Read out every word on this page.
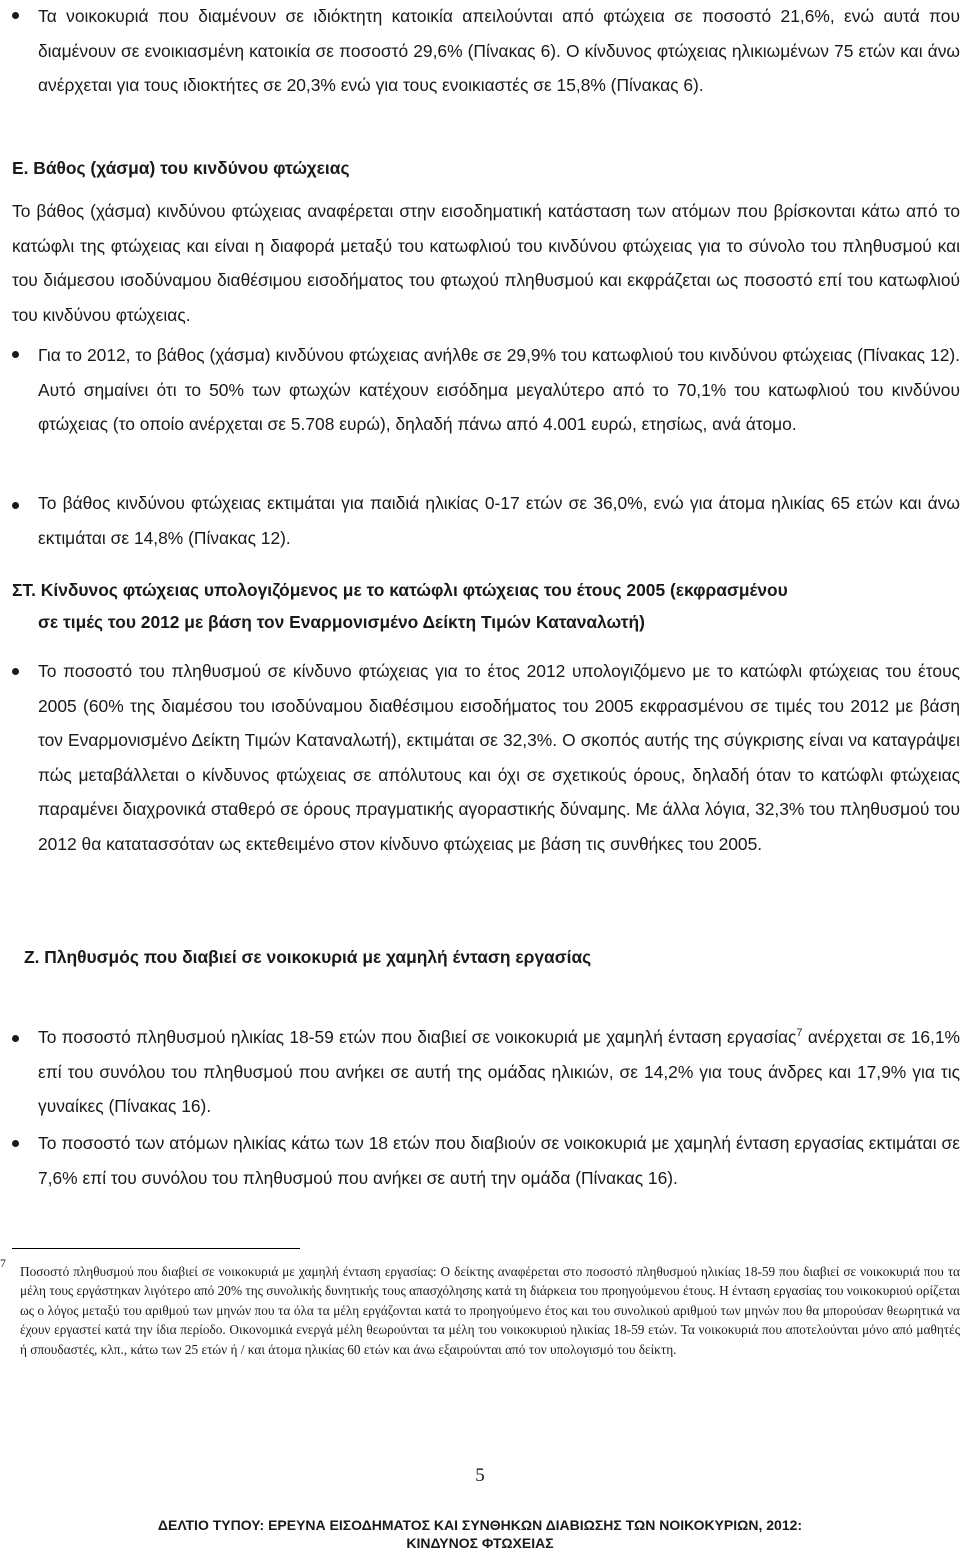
Τα νοικοκυριά που διαμένουν σε ιδιόκτητη κατοικία απειλούνται από φτώχεια σε ποσοστό 21,6%, ενώ αυτά που διαμένουν σε ενοικιασμένη κατοικία σε ποσοστό 29,6% (Πίνακας 6). Ο κίνδυνος φτώχειας ηλικιωμένων 75 ετών και άνω ανέρχεται για τους ιδιοκτήτες σε 20,3% ενώ για τους ενοικιαστές σε 15,8% (Πίνακας 6).

Ε. Βάθος (χάσμα) του κινδύνου φτώχειας

Το βάθος (χάσμα) κινδύνου φτώχειας αναφέρεται στην εισοδηματική κατάσταση των ατόμων που βρίσκονται κάτω από το κατώφλι της φτώχειας και είναι η διαφορά μεταξύ του κατωφλιού του κινδύνου φτώχειας για το σύνολο του πληθυσμού και του διάμεσου ισοδύναμου διαθέσιμου εισοδήματος του φτωχού πληθυσμού και εκφράζεται ως ποσοστό επί του κατωφλιού του κινδύνου φτώχειας.

Για το 2012, το βάθος (χάσμα) κινδύνου φτώχειας ανήλθε σε 29,9% του κατωφλιού του κινδύνου φτώχειας (Πίνακας 12). Αυτό σημαίνει ότι το 50% των φτωχών κατέχουν εισόδημα μεγαλύτερο από το 70,1% του κατωφλιού του κινδύνου φτώχειας (το οποίο ανέρχεται σε 5.708 ευρώ), δηλαδή πάνω από 4.001 ευρώ, ετησίως, ανά άτομο.

Το βάθος κινδύνου φτώχειας εκτιμάται για παιδιά ηλικίας 0-17 ετών σε 36,0%, ενώ για άτομα ηλικίας 65 ετών και άνω εκτιμάται σε 14,8% (Πίνακας 12).

ΣΤ. Κίνδυνος φτώχειας υπολογιζόμενος με το κατώφλι φτώχειας του έτους 2005 (εκφρασμένου

σε τιμές του 2012 με βάση τον Εναρμονισμένο Δείκτη Τιμών Καταναλωτή)

Το ποσοστό του πληθυσμού σε κίνδυνο φτώχειας για το έτος 2012 υπολογιζόμενο με το κατώφλι φτώχειας του έτους 2005 (60% της διαμέσου του ισοδύναμου διαθέσιμου εισοδήματος του 2005 εκφρασμένου σε τιμές του 2012 με βάση τον Εναρμονισμένο Δείκτη Τιμών Καταναλωτή), εκτιμάται σε 32,3%. Ο σκοπός αυτής της σύγκρισης είναι να καταγράψει πώς μεταβάλλεται ο κίνδυνος φτώχειας σε απόλυτους και όχι σε σχετικούς όρους, δηλαδή όταν το κατώφλι φτώχειας παραμένει διαχρονικά σταθερό σε όρους πραγματικής αγοραστικής δύναμης. Με άλλα λόγια, 32,3% του πληθυσμού του 2012 θα κατατασσόταν ως εκτεθειμένο στον κίνδυνο φτώχειας με βάση τις συνθήκες του 2005.

Ζ. Πληθυσμός που διαβιεί σε νοικοκυριά με χαμηλή ένταση εργασίας

Το ποσοστό πληθυσμού ηλικίας 18-59 ετών που διαβιεί σε νοικοκυριά με χαμηλή ένταση εργασίας$^7$ ανέρχεται σε 16,1% επί του συνόλου του πληθυσμού που ανήκει σε αυτή της ομάδας ηλικιών, σε 14,2% για τους άνδρες και 17,9% για τις γυναίκες (Πίνακας 16).

Το ποσοστό των ατόμων ηλικίας κάτω των 18 ετών που διαβιούν σε νοικοκυριά με χαμηλή ένταση εργασίας εκτιμάται σε 7,6% επί του συνόλου του πληθυσμού που ανήκει σε αυτή την ομάδα (Πίνακας 16).

7

Ποσοστό πληθυσμού που διαβιεί σε νοικοκυριά με χαμηλή ένταση εργασίας: Ο δείκτης αναφέρεται στο ποσοστό πληθυσμού ηλικίας 18-59 που διαβιεί σε νοικοκυριά που τα μέλη τους εργάστηκαν λιγότερο από 20% της συνολικής δυνητικής τους απασχόλησης κατά τη διάρκεια του προηγούμενου έτους. Η ένταση εργασίας του νοικοκυριού ορίζεται ως ο λόγος μεταξύ του αριθμού των μηνών που τα όλα τα μέλη εργάζονται κατά το προηγούμενο έτος και του συνολικού αριθμού των μηνών που θα μπορούσαν θεωρητικά να έχουν εργαστεί κατά την ίδια περίοδο. Οικονομικά ενεργά μέλη θεωρούνται τα μέλη του νοικοκυριού ηλικίας 18-59 ετών. Τα νοικοκυριά που αποτελούνται μόνο από μαθητές ή σπουδαστές, κλπ., κάτω των 25 ετών ή / και άτομα ηλικίας 60 ετών και άνω εξαιρούνται από τον υπολογισμό του δείκτη.

5
ΔΕΛΤΙΟ ΤΥΠΟΥ: ΕΡΕΥΝΑ ΕΙΣΟΔΗΜΑΤΟΣ ΚΑΙ ΣΥΝΘΗΚΩΝ ΔΙΑΒΙΩΣΗΣ ΤΩΝ ΝΟΙΚΟΚΥΡΙΩΝ, 2012:
ΚΙΝΔΥΝΟΣ ΦΤΩΧΕΙΑΣ
